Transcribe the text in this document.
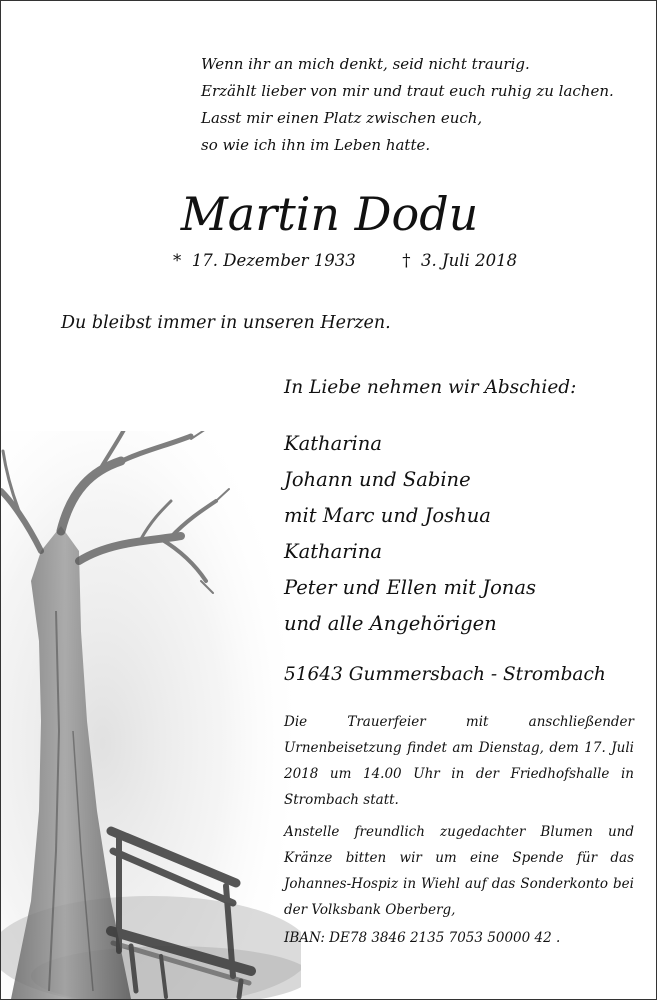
Wenn ihr an mich denkt, seid nicht traurig.
Erzählt lieber von mir und traut euch ruhig zu lachen.
Lasst mir einen Platz zwischen euch,
so wie ich ihn im Leben hatte.
Martin Dodu
* 17. Dezember 1933	† 3. Juli 2018
Du bleibst immer in unseren Herzen.
In Liebe nehmen wir Abschied:
Katharina
Johann und Sabine
mit Marc und Joshua
Katharina
Peter und Ellen mit Jonas
und alle Angehörigen
51643 Gummersbach - Strombach
Die Trauerfeier mit anschließender Urnenbeisetzung findet am Dienstag, dem 17. Juli 2018 um 14.00 Uhr in der Friedhofshalle in Strombach statt.
Anstelle freundlich zugedachter Blumen und Kränze bitten wir um eine Spende für das Johannes-Hospiz in Wiehl auf das Sonderkonto bei der Volksbank Oberberg,
IBAN: DE78 3846 2135 7053 50000 42 .
